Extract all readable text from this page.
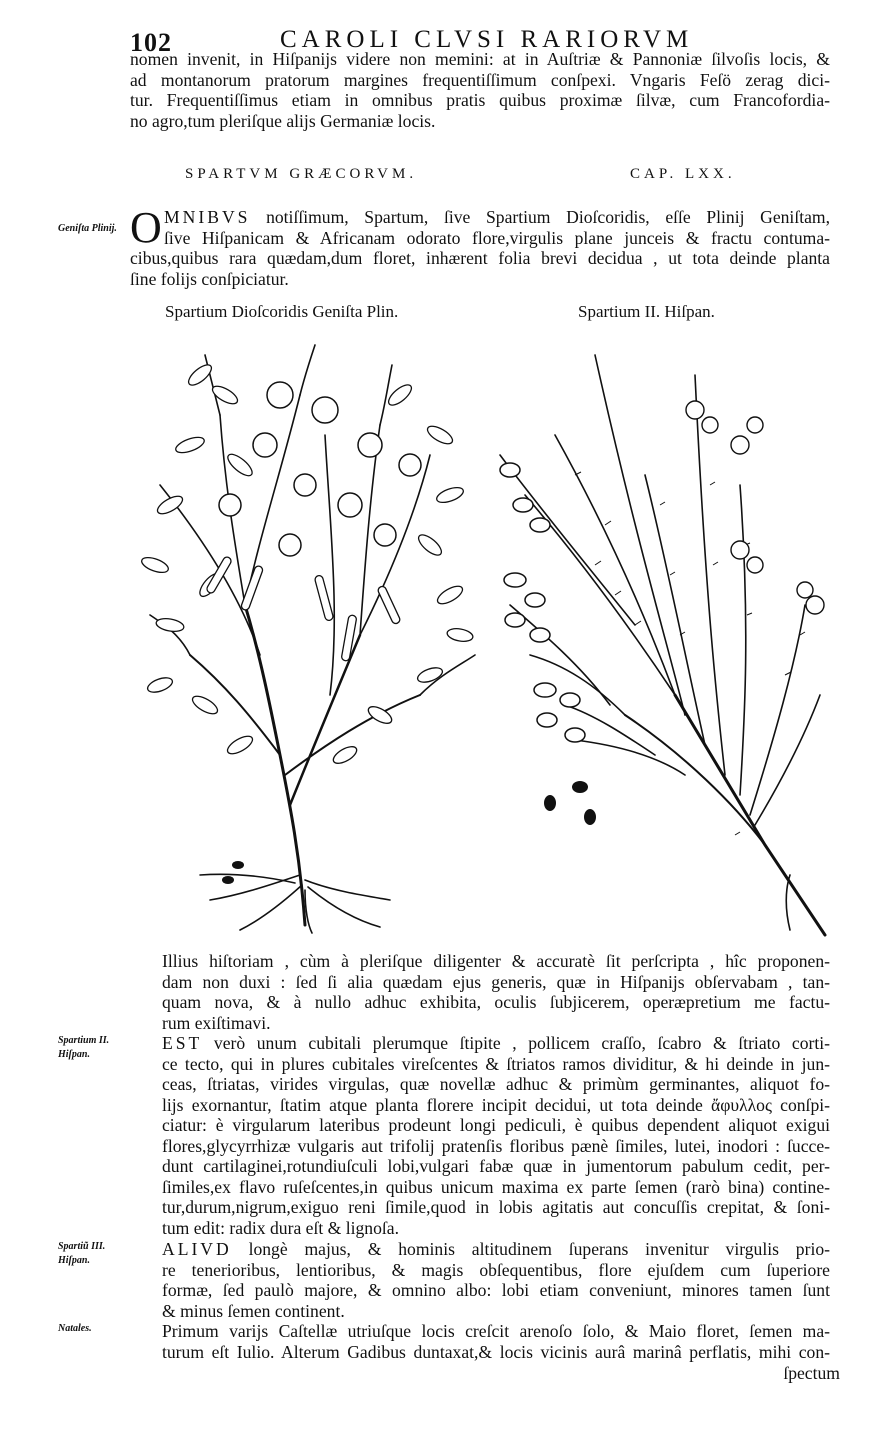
102	CAROLI CLVSI RARIORVM
nomen invenit, in Hiſpanijs videre non memini: at in Auſtriæ & Pannoniæ ſilvoſis locis, &
ad montanorum pratorum margines frequentiſſimum conſpexi. Vngaris Feſö zerag dici-
tur. Frequentiſſimus etiam in omnibus pratis quibus proximæ ſilvæ, cum Francofordia-
no agro,tum pleriſque alijs Germaniæ locis.
SPARTVM GRÆCORVM.	CAP. LXX.
Geniſta Plinij. O MNIBVS notiſſimum, Spartum, ſive Spartium Dioſcoridis, eſſe Plinij Geniſtam,
ſive Hiſpanicam & Africanam odorato flore,virgulis plane junceis & fractu contuma-
cibus,quibus rara quædam,dum floret, inhærent folia brevi decidua , ut tota deinde planta
ſine folijs conſpiciatur.
Spartium Dioſcoridis Geniſta Plin.	Spartium II. Hiſpan.
Illius hiſtoriam , cùm à pleriſque diligenter & accuratè ſit perſcripta , hîc proponen-
dam non duxi : ſed ſi alia quædam ejus generis, quæ in Hiſpanijs obſervabam , tan-
quam nova, & à nullo adhuc exhibita, oculis ſubjicerem, operæpretium me factu-
rum exiſtimavi.
Spartium II. Hiſpan.
EST verò unum cubitali plerumque ſtipite , pollicem craſſo, ſcabro & ſtriato corti-
ce tecto, qui in plures cubitales vireſcentes & ſtriatos ramos dividitur, & hi deinde in jun-
ceas, ſtriatas, virides virgulas, quæ novellæ adhuc & primùm germinantes, aliquot fo-
lijs exornantur, ſtatim atque planta florere incipit decidui, ut tota deinde ἄφυλλος conſpi-
ciatur: è virgularum lateribus prodeunt longi pediculi, è quibus dependent aliquot exigui
flores,glycyrrhizæ vulgaris aut trifolij pratenſis floribus pænè ſimiles, lutei, inodori : ſucce-
dunt cartilaginei,rotundiuſculi lobi,vulgari fabæ quæ in jumentorum pabulum cedit, per-
ſimiles,ex flavo ruſeſcentes,in quibus unicum maxima ex parte ſemen (rarò bina) contine-
tur,durum,nigrum,exiguo reni ſimile,quod in lobis agitatis aut concuſſis crepitat, & ſoni-
tum edit: radix dura eſt & lignoſa.
Spartiũ III. Hiſpan.
ALIVD longè majus, & hominis altitudinem ſuperans invenitur virgulis prio-
re tenerioribus, lentioribus, & magis obſequentibus, flore ejuſdem cum ſuperiore
formæ, ſed paulò majore, & omnino albo: lobi etiam conveniunt, minores tamen ſunt
& minus ſemen continent.
Natales.	Primum varijs Caſtellæ utriuſque locis creſcit arenoſo ſolo, & Maio floret, ſemen ma-
turum eſt Iulio. Alterum Gadibus duntaxat,& locis vicinis aurâ marinâ perflatis, mihi con-
ſpectum
